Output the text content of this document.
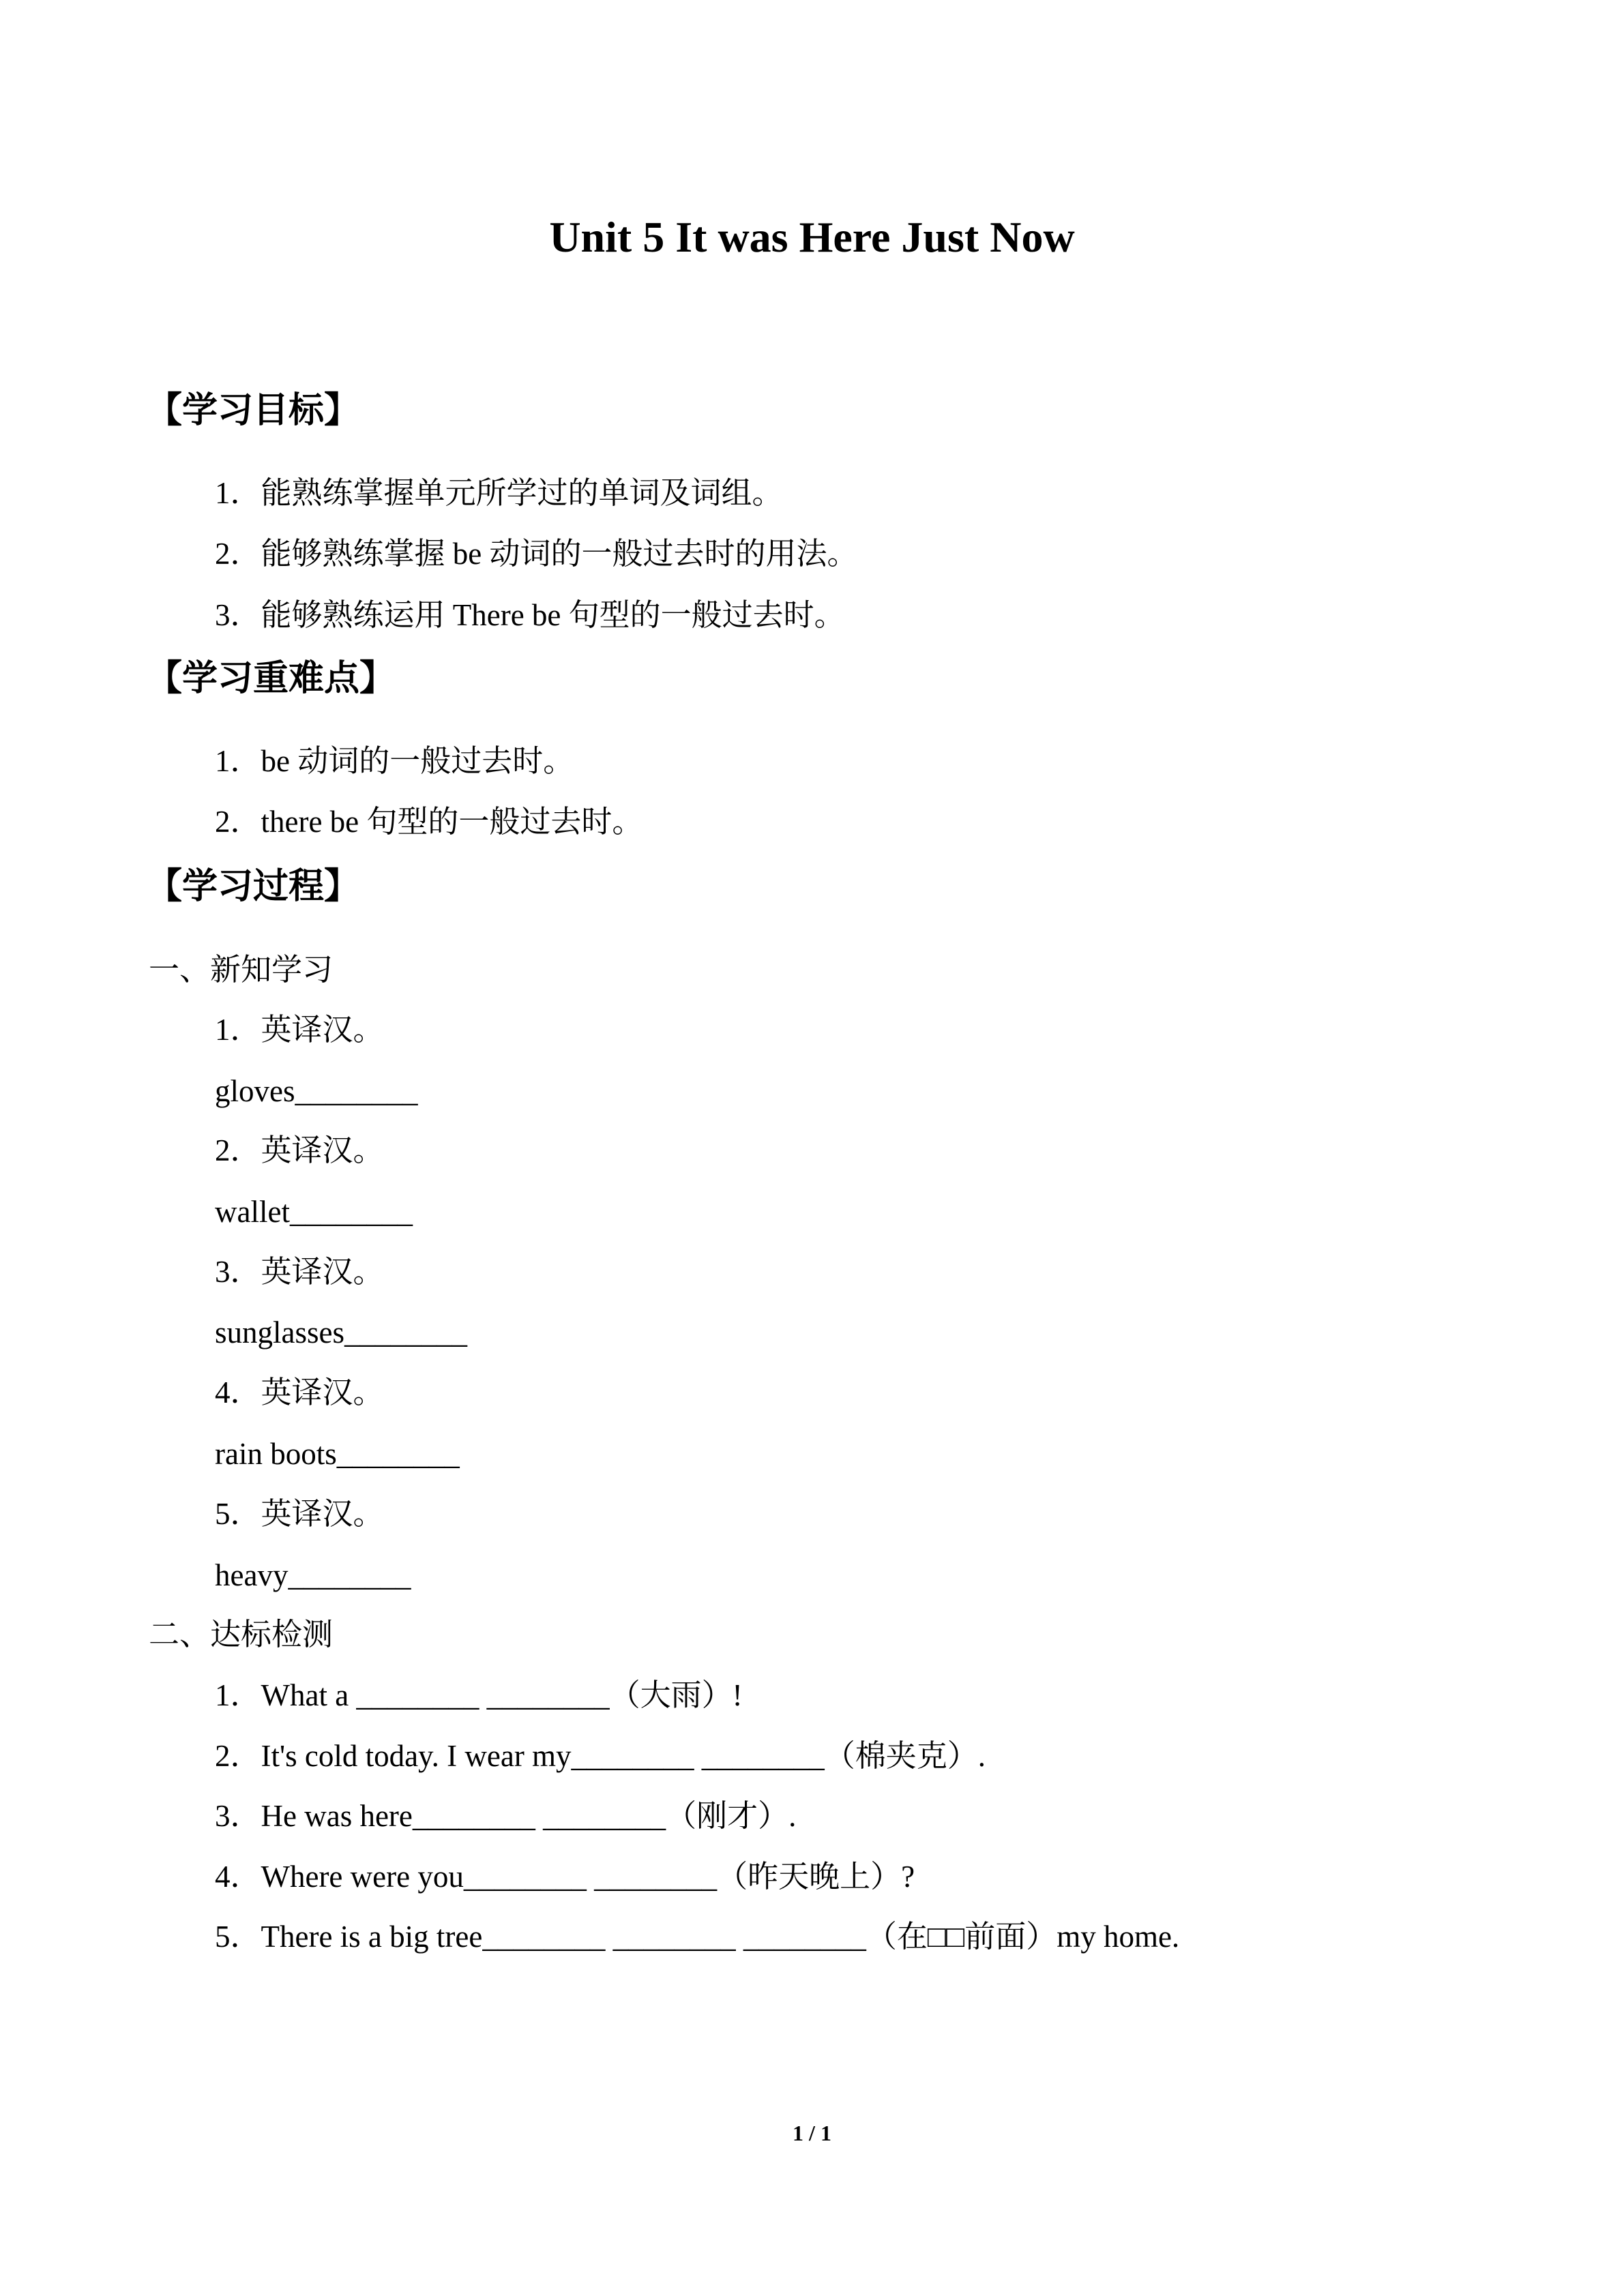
Unit 5 It was Here Just Now
【学习目标】
1．能熟练掌握单元所学过的单词及词组。
2．能够熟练掌握 be 动词的一般过去时的用法。
3．能够熟练运用 There be 句型的一般过去时。
【学习重难点】
1．be 动词的一般过去时。
2．there be 句型的一般过去时。
【学习过程】
一、新知学习
1．英译汉。
gloves________
2．英译汉。
wallet________
3．英译汉。
sunglasses________
4．英译汉。
rain boots________
5．英译汉。
heavy________
二、达标检测
1．What a ________ ________（大雨）!
2．It's cold today. I wear my________ ________（棉夹克）.
3．He was here________ ________（刚才）.
4．Where were you________ ________（昨天晚上）?
5．There is a big tree________ ________ ________（在□□前面）my home.
1 / 1
